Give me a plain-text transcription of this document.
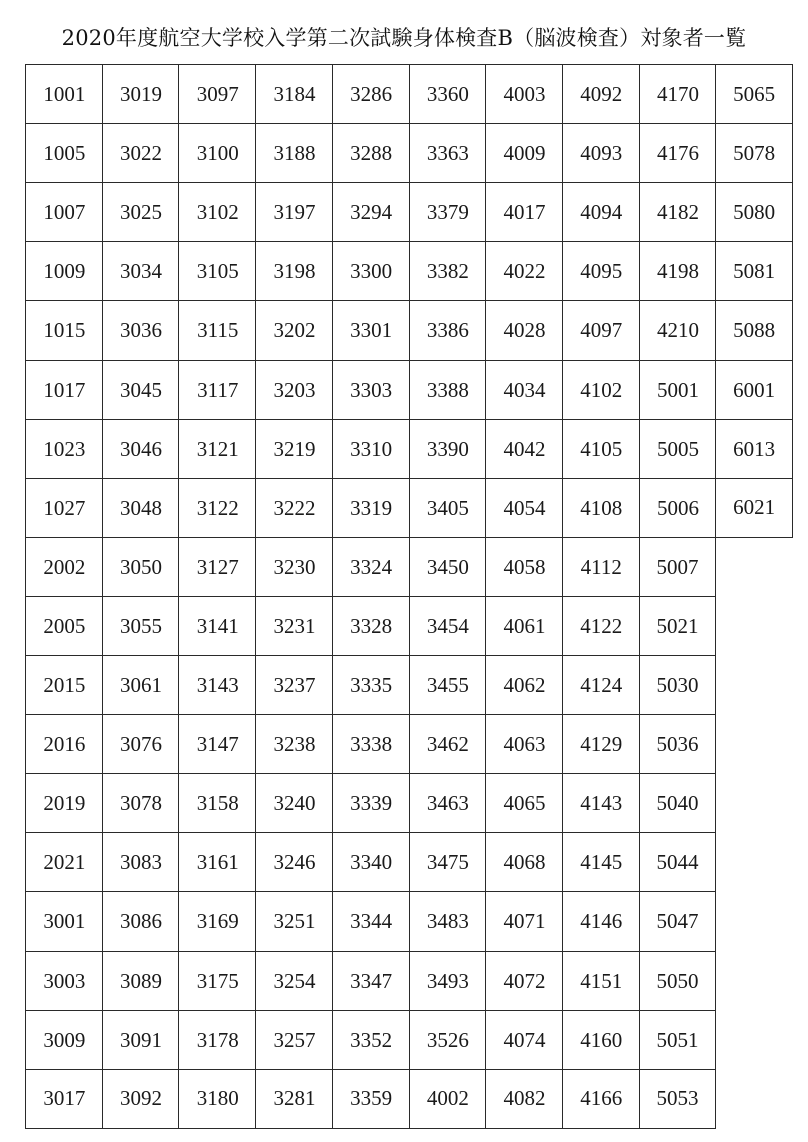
2020年度航空大学校入学第二次試験身体検査B（脳波検査）対象者一覧
1001
1005
1007
1009
1015
1017
1023
1027
2002
2005
2015
2016
2019
2021
3001
3003
3009
3017
3019
3022
3025
3034
3036
3045
3046
3048
3050
3055
3061
3076
3078
3083
3086
3089
3091
3092
3097
3100
3102
3105
3115
3117
3121
3122
3127
3141
3143
3147
3158
3161
3169
3175
3178
3180
3184
3188
3197
3198
3202
3203
3219
3222
3230
3231
3237
3238
3240
3246
3251
3254
3257
3281
3286
3288
3294
3300
3301
3303
3310
3319
3324
3328
3335
3338
3339
3340
3344
3347
3352
3359
3360
3363
3379
3382
3386
3388
3390
3405
3450
3454
3455
3462
3463
3475
3483
3493
3526
4002
4003
4009
4017
4022
4028
4034
4042
4054
4058
4061
4062
4063
4065
4068
4071
4072
4074
4082
4092
4093
4094
4095
4097
4102
4105
4108
4112
4122
4124
4129
4143
4145
4146
4151
4160
4166
4170
4176
4182
4198
4210
5001
5005
5006
5007
5021
5030
5036
5040
5044
5047
5050
5051
5053
5065
5078
5080
5081
5088
6001
6013
6021
